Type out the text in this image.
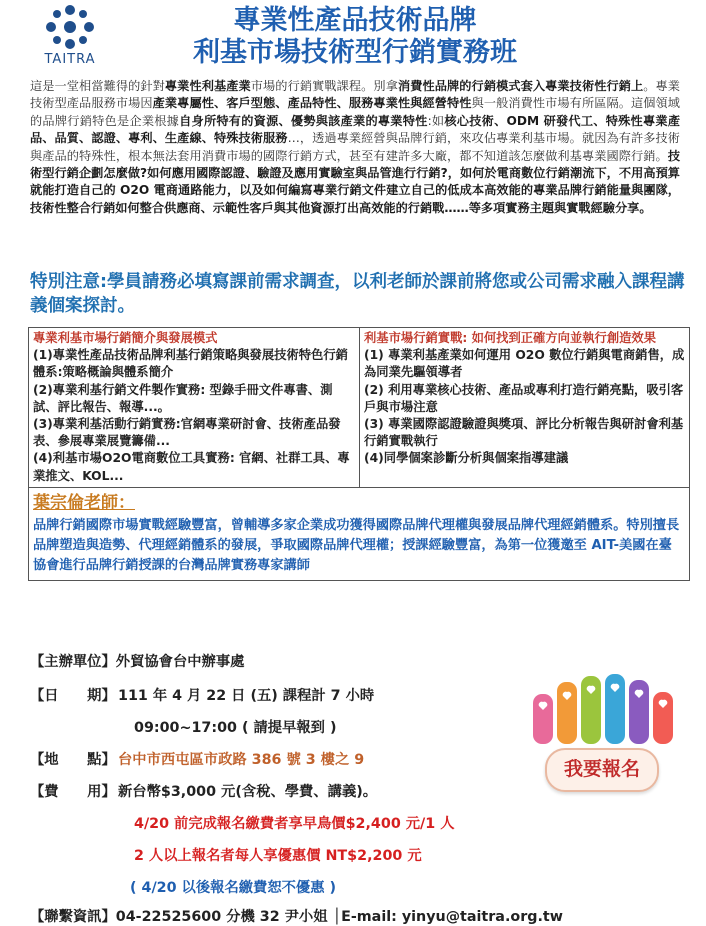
TAITRA
專業性產品技術品牌
利基市場技術型行銷實務班
這是一堂相當難得的針對專業性利基產業市場的行銷實戰課程。別拿消費性品牌的行銷模式套入專業技術性行銷上。專業技術型產品服務市場因產業專屬性、客戶型態、產品特性、服務專業性與經營特性與一般消費性市場有所區隔。這個領域的品牌行銷特色是企業根據自身所特有的資源、優勢與該產業的專業特性:如核心技術、ODM 研發代工、特殊性專業產品、品質、認證、專利、生產線、特殊技術服務…，透過專業經營與品牌行銷，來攻佔專業利基市場。就因為有許多技術與產品的特殊性，根本無法套用消費市場的國際行銷方式，甚至有建許多大廠，都不知道該怎麼做利基專業國際行銷。技術型行銷企劃怎麼做?如何應用國際認證、驗證及應用實驗室與品管進行行銷?，如何於電商數位行銷潮流下，不用高預算就能打造自己的 O2O 電商通路能力，以及如何編寫專業行銷文件建立自己的低成本高效能的專業品牌行銷能量與團隊，技術性整合行銷如何整合供應商、示範性客戶與其他資源打出高效能的行銷戰……等多項實務主題與實戰經驗分享。
特別注意:學員請務必填寫課前需求調查，以利老師於課前將您或公司需求融入課程講義個案探討。
專業利基市場行銷簡介與發展模式
(1)專業性產品技術品牌利基行銷策略與發展技術特色行銷體系:策略概論與體系簡介
(2)專業利基行銷文件製作實務: 型錄手冊文件專書、測試、評比報告、報導...。
(3)專業利基活動行銷實務:官網專業研討會、技術產品發表、參展專業展覽籌備...
(4)利基市場O2O電商數位工具實務: 官網、社群工具、專業推文、KOL...
利基市場行銷實戰: 如何找到正確方向並執行創造效果
(1) 專業利基產業如何運用 O2O 數位行銷與電商銷售，成為同業先驅領導者
(2) 利用專業核心技術、產品或專利打造行銷亮點，吸引客戶與市場注意
(3) 專業國際認證驗證與獎項、評比分析報告與研討會利基行銷實戰執行
(4)同學個案診斷分析與個案指導建議
葉宗倫老師：
品牌行銷國際市場實戰經驗豐富，曾輔導多家企業成功獲得國際品牌代理權與發展品牌代理經銷體系。特別擅長品牌塑造與造勢、代理經銷體系的發展，爭取國際品牌代理權；授課經驗豐富，為第一位獲邀至 AIT-美國在臺協會進行品牌行銷授課的台灣品牌實務專家講師
【主辦單位】外貿協會台中辦事處
【日　　期】 111 年 4 月 22 日 (五) 課程計 7 小時
09:00~17:00 ( 請提早報到 )
【地　　點】 台中市西屯區市政路 386 號 3 樓之 9
【費　　用】 新台幣$3,000 元(含稅、學費、講義)。
4/20 前完成報名繳費者享早鳥價$2,400 元/1 人
2 人以上報名者每人享優惠價 NT$2,200 元
( 4/20 以後報名繳費恕不優惠 )
【聯繫資訊】04-22525600 分機 32 尹小姐 │E-mail: yinyu@taitra.org.tw
我要報名
